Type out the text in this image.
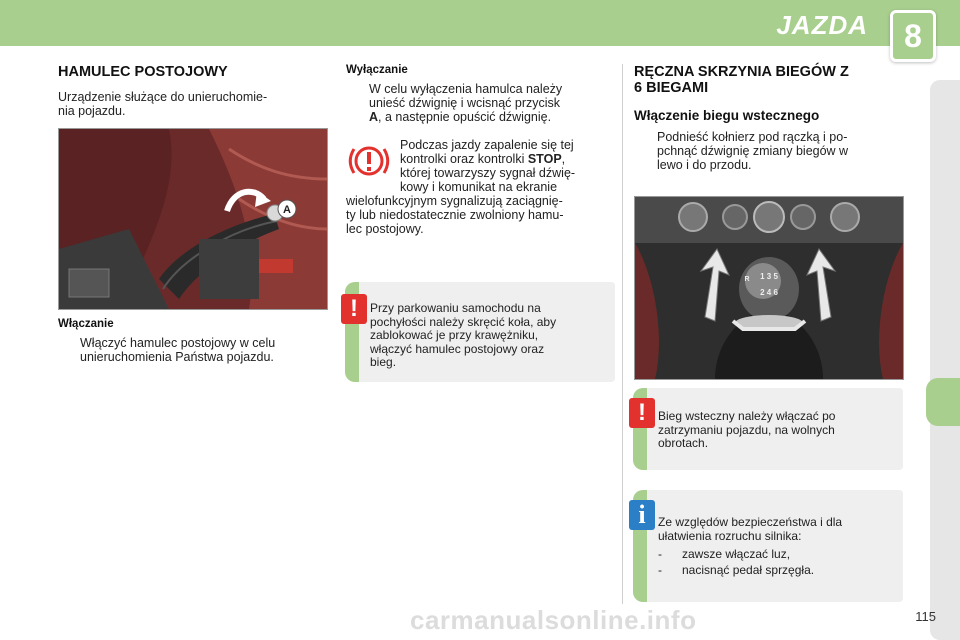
JAZDA	8
HAMULEC POSTOJOWY

Urządzenie służące do unieruchomie-

nia pojazdu.

A

Włączanie

Włączyć hamulec postojowy w celu

unieruchomienia Państwa pojazdu.

Wyłączanie

W celu wyłączenia hamulca należy

unieść dźwignię i wcisnąć przycisk

A, a następnie opuścić dźwignię.

Podczas jazdy zapalenie się tej

kontrolki oraz kontrolki STOP,

której towarzyszy sygnał dźwię-

kowy i komunikat na ekranie

wielofunkcyjnym sygnalizują zaciągnię-

ty lub niedostatecznie zwolniony hamu-

lec postojowy.

!	Przy parkowaniu samochodu na

pochyłości należy skręcić koła, aby

zablokować je przy krawężniku,

włączyć hamulec postojowy oraz

bieg.

RĘCZNA SKRZYNIA BIEGÓW Z
6 BIEGAMI
Włączenie biegu wstecznego

Podnieść kołnierz pod rączką i po-

pchnąć dźwignię zmiany biegów w

lewo i do przodu.

1 3 5
2 4 6
R
!	Bieg wsteczny należy włączać po

zatrzymaniu pojazdu, na wolnych

obrotach.

i	Ze względów bezpieczeństwa i dla

ułatwienia rozruchu silnika:

- zawsze włączać luz,

- nacisnąć pedał sprzęgła.

carmanualsonline.info	115
